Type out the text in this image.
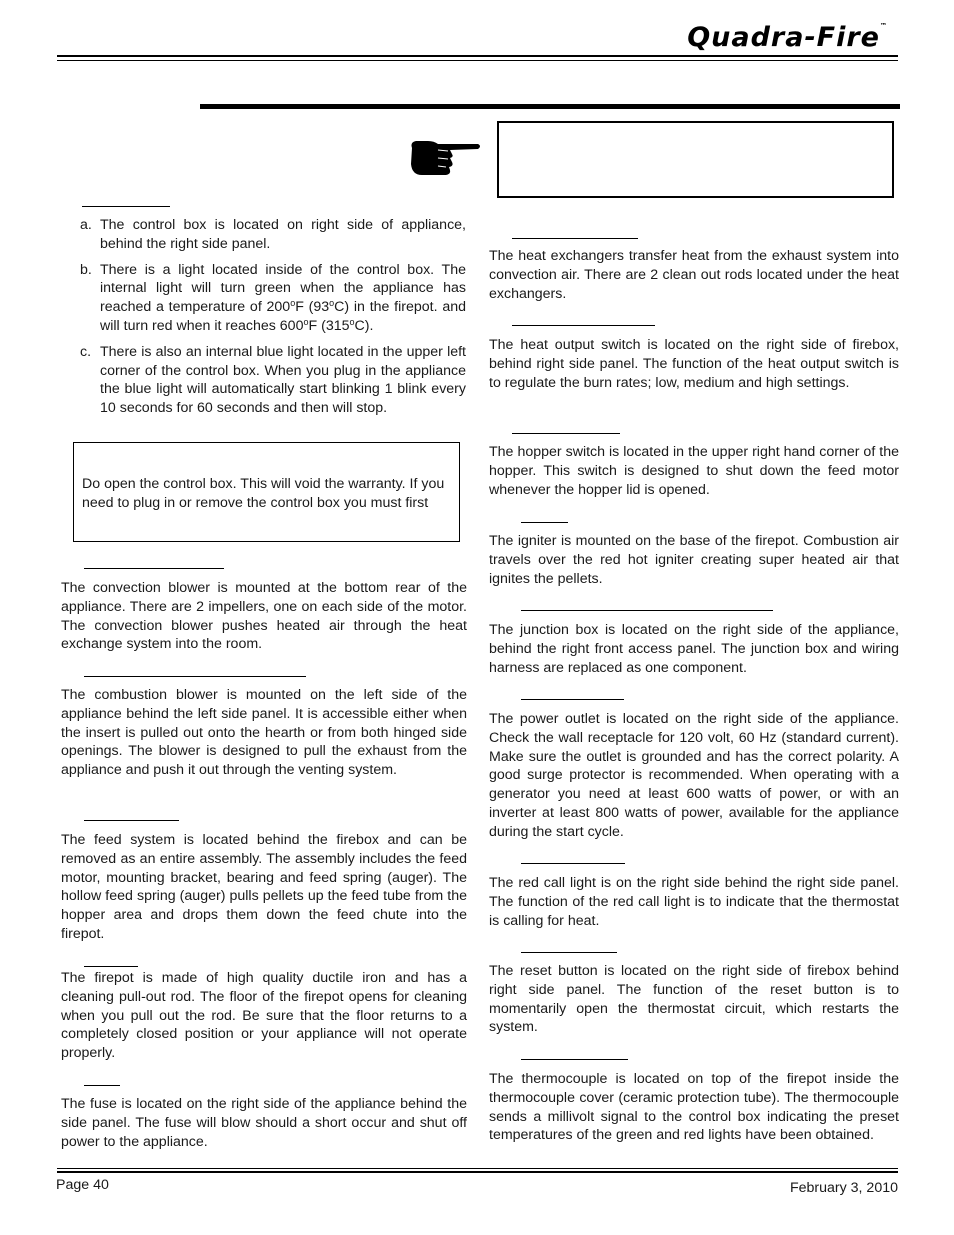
Quadra-Fire™
a. The control box is located on right side of appliance, behind the right side panel.
b. There is a light located inside of the control box. The internal light will turn green when the appliance has reached a temperature of 200$^o$F (93$^o$C) in the firepot. and will turn red when it reaches 600$^o$F (315$^o$C).
c. There is also an internal blue light located in the upper left corner of the control box. When you plug in the appliance the blue light will automatically start blinking 1 blink every 10 seconds for 60 seconds and then will stop.

Do open the control box. This will void the warranty. If you need to plug in or remove the control box you must first

The convection blower is mounted at the bottom rear of the appliance. There are 2 impellers, one on each side of the motor. The convection blower pushes heated air through the heat exchange system into the room.

The combustion blower is mounted on the left side of the appliance behind the left side panel. It is accessible either when the insert is pulled out onto the hearth or from both hinged side openings. The blower is designed to pull the exhaust from the appliance and push it out through the venting system.

The feed system is located behind the firebox and can be removed as an entire assembly. The assembly includes the feed motor, mounting bracket, bearing and feed spring (auger). The hollow feed spring (auger) pulls pellets up the feed tube from the hopper area and drops them down the feed chute into the firepot.

The firepot is made of high quality ductile iron and has a cleaning pull-out rod. The floor of the firepot opens for cleaning when you pull out the rod. Be sure that the floor returns to a completely closed position or your appliance will not operate properly.

The fuse is located on the right side of the appliance behind the side panel. The fuse will blow should a short occur and shut off power to the appliance.

The heat exchangers transfer heat from the exhaust system into convection air. There are 2 clean out rods located under the heat exchangers.

The heat output switch is located on the right side of firebox, behind right side panel. The function of the heat output switch is to regulate the burn rates; low, medium and high settings.

The hopper switch is located in the upper right hand corner of the hopper. This switch is designed to shut down the feed motor whenever the hopper lid is opened.

The igniter is mounted on the base of the firepot. Combustion air travels over the red hot igniter creating super heated air that ignites the pellets.

The junction box is located on the right side of the appliance, behind the right front access panel. The junction box and wiring harness are replaced as one component.

The power outlet is located on the right side of the appliance. Check the wall receptacle for 120 volt, 60 Hz (standard current). Make sure the outlet is grounded and has the correct polarity. A good surge protector is recommended. When operating with a generator you need at least 600 watts of power, or with an inverter at least 800 watts of power, available for the appliance during the start cycle.

The red call light is on the right side behind the right side panel. The function of the red call light is to indicate that the thermostat is calling for heat.

The reset button is located on the right side of firebox behind right side panel. The function of the reset button is to momentarily open the thermostat circuit, which restarts the system.

The thermocouple is located on top of the firepot inside the thermocouple cover (ceramic protection tube). The thermocouple sends a millivolt signal to the control box indicating the preset temperatures of the green and red lights have been obtained.

Page 40	February 3, 2010
